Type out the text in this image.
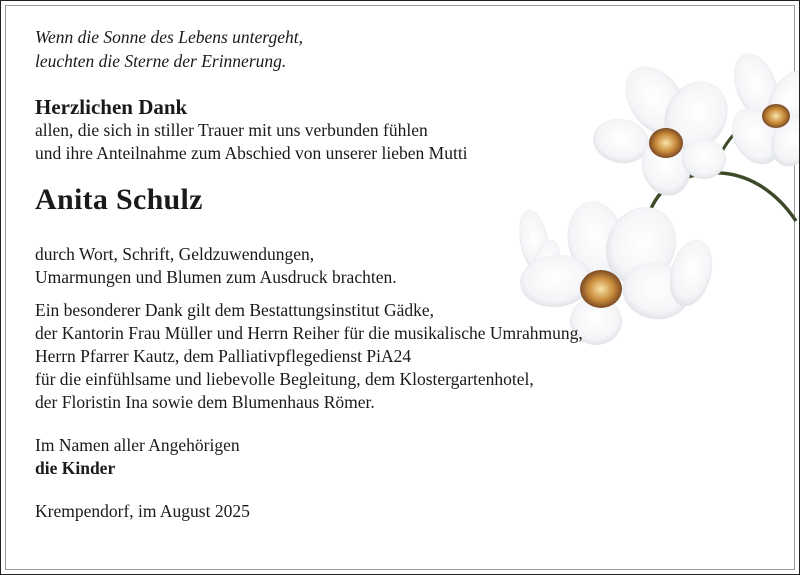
Wenn die Sonne des Lebens untergeht,

leuchten die Sterne der Erinnerung.

Herzlichen Dank

allen, die sich in stiller Trauer mit uns verbunden fühlen

und ihre Anteilnahme zum Abschied von unserer lieben Mutti

Anita Schulz

durch Wort, Schrift, Geldzuwendungen,

Umarmungen und Blumen zum Ausdruck brachten.

Ein besonderer Dank gilt dem Bestattungsinstitut Gädke,

der Kantorin Frau Müller und Herrn Reiher für die musikalische Umrahmung,

Herrn Pfarrer Kautz, dem Palliativpflegedienst PiA24

für die einfühlsame und liebevolle Begleitung, dem Klostergartenhotel,

der Floristin Ina sowie dem Blumenhaus Römer.

Im Namen aller Angehörigen

die Kinder

Krempendorf, im August 2025
